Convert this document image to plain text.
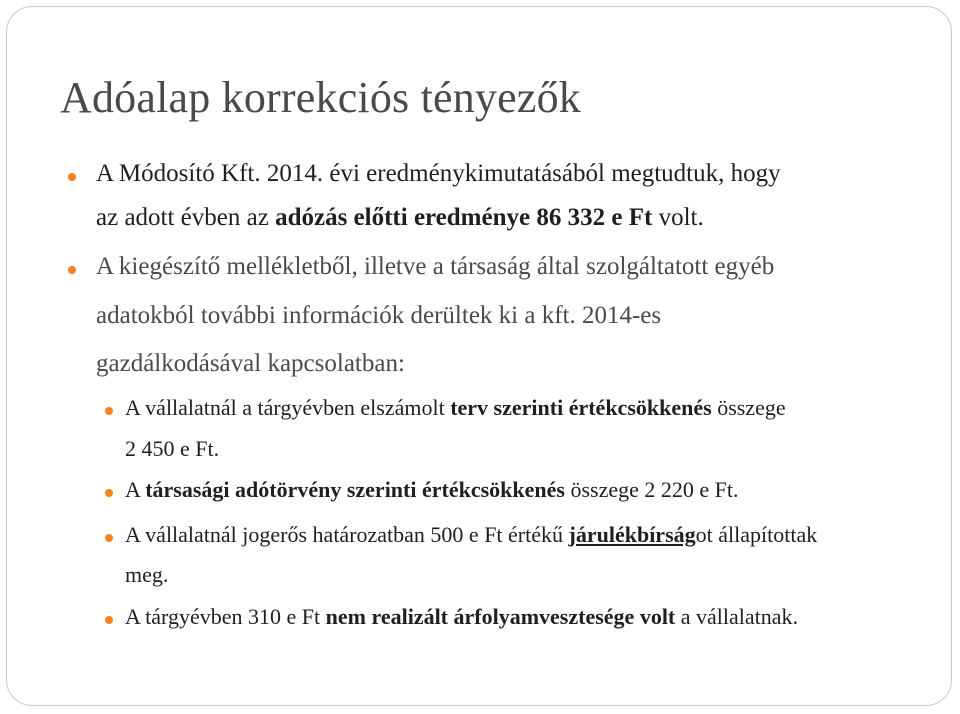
Adóalap korrekciós tényezők
A Módosító Kft. 2014. évi eredménykimutatásából megtudtuk, hogy
az adott évben az adózás előtti eredménye 86 332 e Ft volt.
A kiegészítő mellékletből, illetve a társaság által szolgáltatott egyéb
adatokból további információk derültek ki a kft. 2014-es
gazdálkodásával kapcsolatban:
A vállalatnál a tárgyévben elszámolt terv szerinti értékcsökkenés összege
2 450 e Ft.
A társasági adótörvény szerinti értékcsökkenés összege 2 220 e Ft.
A vállalatnál jogerős határozatban 500 e Ft értékű járulékbírságot állapítottak
meg.
A tárgyévben 310 e Ft nem realizált árfolyamvesztesége volt a vállalatnak.
